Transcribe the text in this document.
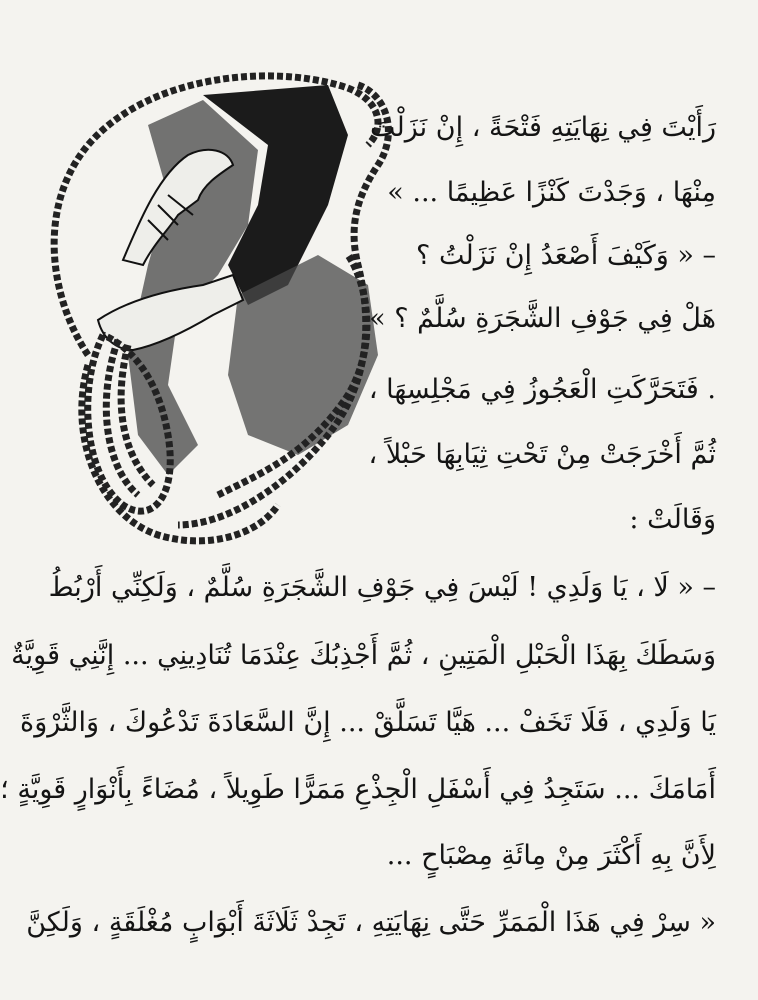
رَأَيْتَ فِي نِهَايَتِهِ فَتْحَةً ، إِنْ نَزَلْتَ
مِنْهَا ، وَجَدْتَ كَنْزًا عَظِيمًا ... »
– « وَكَيْفَ أَصْعَدُ إِنْ نَزَلْتُ ؟
هَلْ فِي جَوْفِ الشَّجَرَةِ سُلَّمٌ ؟ »
. فَتَحَرَّكَتِ الْعَجُوزُ فِي مَجْلِسِهَا ،
ثُمَّ أَخْرَجَتْ مِنْ تَحْتِ ثِيَابِهَا حَبْلاً ،
وَقَالَتْ :
– « لَا ، يَا وَلَدِي ! لَيْسَ فِي جَوْفِ الشَّجَرَةِ سُلَّمٌ ، وَلَكِنِّي أَرْبُطُ
وَسَطَكَ بِهَذَا الْحَبْلِ الْمَتِينِ ، ثُمَّ أَجْذِبُكَ عِنْدَمَا تُنَادِينِي ... إِنَّنِي قَوِيَّةٌ
يَا وَلَدِي ، فَلَا تَخَفْ ... هَيَّا تَسَلَّقْ ... إِنَّ السَّعَادَةَ تَدْعُوكَ ، وَالثَّرْوَةَ
أَمَامَكَ ... سَتَجِدُ فِي أَسْفَلِ الْجِذْعِ مَمَرًّا طَوِيلاً ، مُضَاءً بِأَنْوَارٍ قَوِيَّةٍ ؛
لِأَنَّ بِهِ أَكْثَرَ مِنْ مِائَةِ مِصْبَاحٍ ...
« سِرْ فِي هَذَا الْمَمَرِّ حَتَّى نِهَايَتِهِ ، تَجِدْ ثَلَاثَةَ أَبْوَابٍ مُغْلَقَةٍ ، وَلَكِنَّ
